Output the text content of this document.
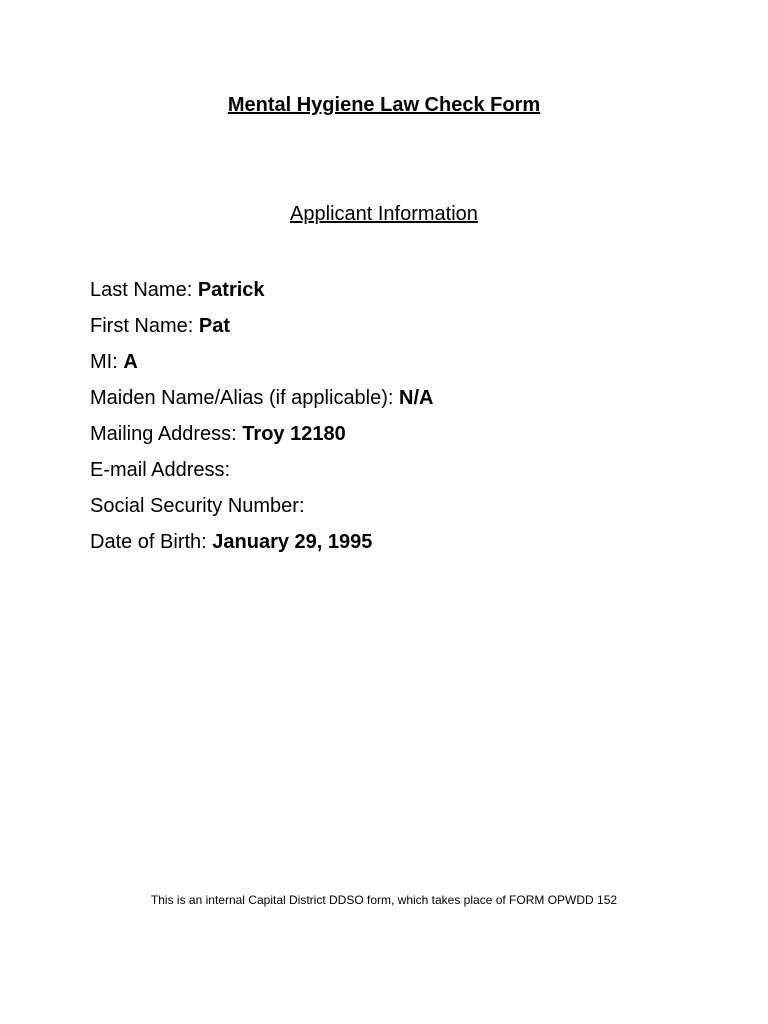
Mental Hygiene Law Check Form
Applicant Information
Last Name: Patrick
First Name: Pat
MI: A
Maiden Name/Alias (if applicable): N/A
Mailing Address: Troy 12180
E-mail Address:
Social Security Number:
Date of Birth: January 29, 1995

This is an internal Capital District DDSO form, which takes place of FORM OPWDD 152
